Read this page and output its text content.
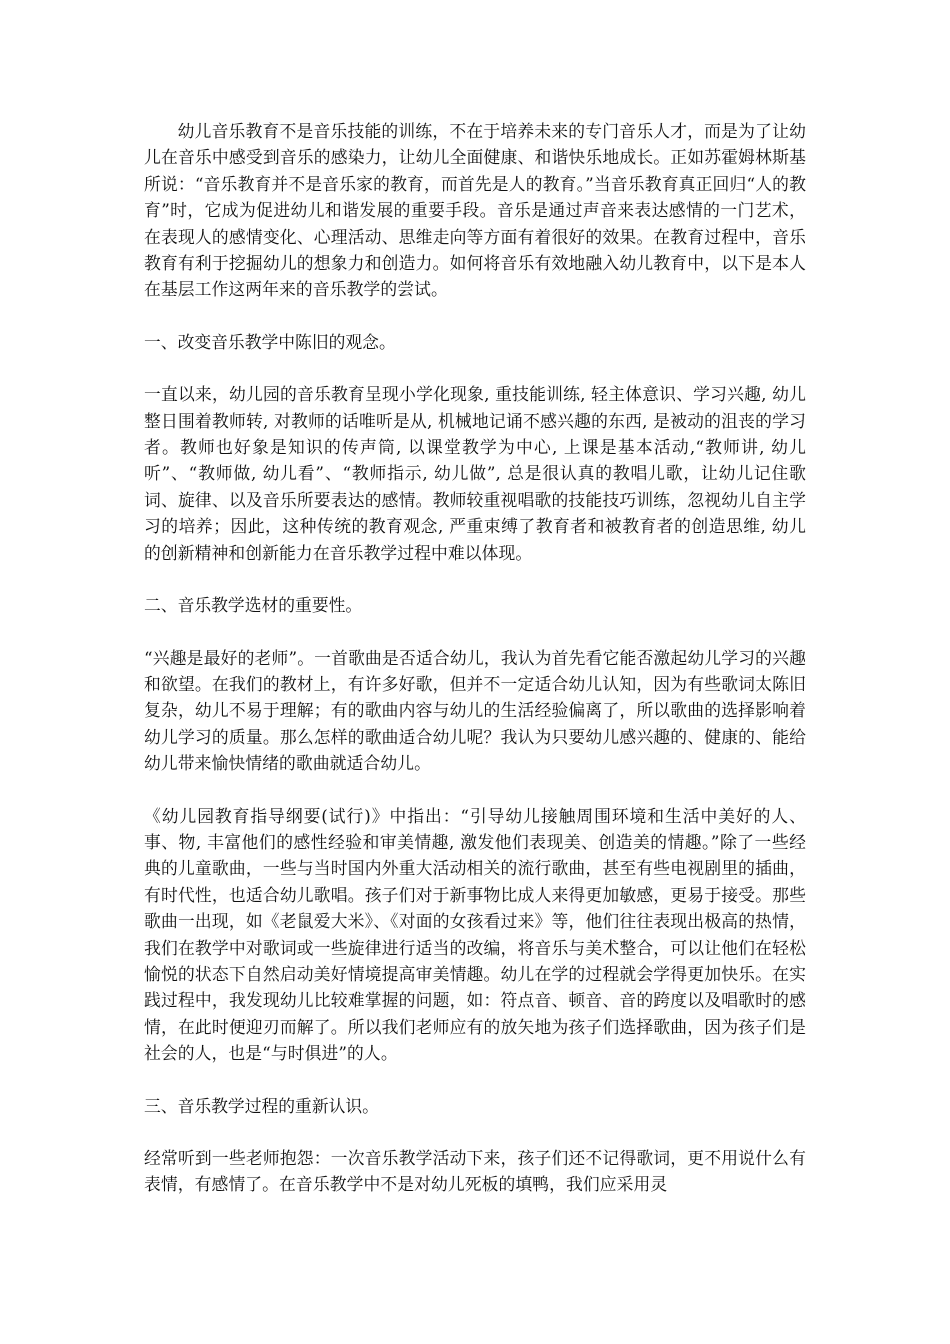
幼儿音乐教育不是音乐技能的训练，不在于培养未来的专门音乐人才，而是为了让幼儿在音乐中感受到音乐的感染力，让幼儿全面健康、和谐快乐地成长。正如苏霍姆林斯基所说：“音乐教育并不是音乐家的教育，而首先是人的教育。”当音乐教育真正回归“人的教育”时，它成为促进幼儿和谐发展的重要手段。音乐是通过声音来表达感情的一门艺术，在表现人的感情变化、心理活动、思维走向等方面有着很好的效果。在教育过程中，音乐教育有利于挖掘幼儿的想象力和创造力。如何将音乐有效地融入幼儿教育中，以下是本人在基层工作这两年来的音乐教学的尝试。

一、改变音乐教学中陈旧的观念。

一直以来，幼儿园的音乐教育呈现小学化现象, 重技能训练, 轻主体意识、学习兴趣, 幼儿整日围着教师转, 对教师的话唯听是从, 机械地记诵不感兴趣的东西, 是被动的沮丧的学习者。教师也好象是知识的传声筒, 以课堂教学为中心, 上课是基本活动,“教师讲, 幼儿听”、“教师做, 幼儿看”、“教师指示, 幼儿做”, 总是很认真的教唱儿歌，让幼儿记住歌词、旋律、以及音乐所要表达的感情。教师较重视唱歌的技能技巧训练，忽视幼儿自主学习的培养；因此，这种传统的教育观念, 严重束缚了教育者和被教育者的创造思维, 幼儿的创新精神和创新能力在音乐教学过程中难以体现。

二、音乐教学选材的重要性。

“兴趣是最好的老师”。一首歌曲是否适合幼儿，我认为首先看它能否激起幼儿学习的兴趣和欲望。在我们的教材上，有许多好歌，但并不一定适合幼儿认知，因为有些歌词太陈旧复杂，幼儿不易于理解；有的歌曲内容与幼儿的生活经验偏离了，所以歌曲的选择影响着幼儿学习的质量。那么怎样的歌曲适合幼儿呢？我认为只要幼儿感兴趣的、健康的、能给幼儿带来愉快情绪的歌曲就适合幼儿。

《幼儿园教育指导纲要(试行)》中指出：“引导幼儿接触周围环境和生活中美好的人、事、物, 丰富他们的感性经验和审美情趣, 激发他们表现美、创造美的情趣。”除了一些经典的儿童歌曲，一些与当时国内外重大活动相关的流行歌曲，甚至有些电视剧里的插曲，有时代性，也适合幼儿歌唱。孩子们对于新事物比成人来得更加敏感，更易于接受。那些歌曲一出现，如《老鼠爱大米》、《对面的女孩看过来》等，他们往往表现出极高的热情，我们在教学中对歌词或一些旋律进行适当的改编，将音乐与美术整合，可以让他们在轻松愉悦的状态下自然启动美好情境提高审美情趣。幼儿在学的过程就会学得更加快乐。在实践过程中，我发现幼儿比较难掌握的问题，如：符点音、顿音、音的跨度以及唱歌时的感情，在此时便迎刃而解了。所以我们老师应有的放矢地为孩子们选择歌曲，因为孩子们是社会的人，也是“与时俱进”的人。

三、音乐教学过程的重新认识。

经常听到一些老师抱怨：一次音乐教学活动下来，孩子们还不记得歌词，更不用说什么有表情，有感情了。在音乐教学中不是对幼儿死板的填鸭，我们应采用灵
